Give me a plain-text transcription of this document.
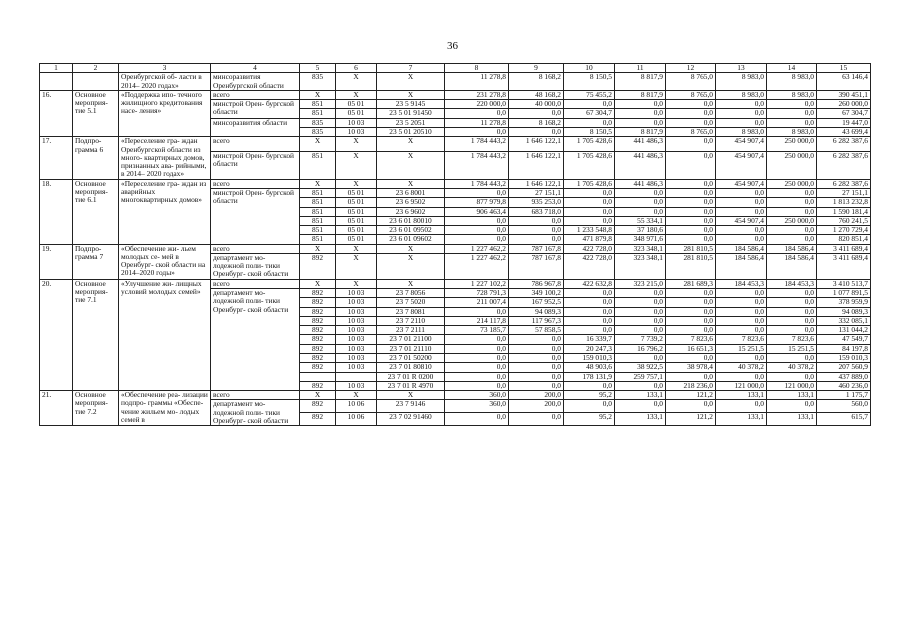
36
1	2	3	4	5	6	7	8	9	10	11	12	13	14	15
		Оренбургской об- ласти в 2014– 2020 годах»	минсоразвития Оренбургской области	835	Х	Х	11 278,8	8 168,2	8 150,5	8 817,9	8 765,0	8 983,0	8 983,0	63 146,4
16.	Основное мероприя- тие 5.1	«Поддержка ипо- течного жилищного кредитования насе- ления»	всего	Х	Х	Х	231 278,8	48 168,2	75 455,2	8 817,9	8 765,0	8 983,0	8 983,0	390 451,1
			минстрой Орен- бургской области	851	05 01	23 5 9145	220 000,0	40 000,0	0,0	0,0	0,0	0,0	0,0	260 000,0
				851	05 01	23 5 01 91450	0,0	0,0	67 304,7	0,0	0,0	0,0	0,0	67 304,7
			минсоразвития области	835	10 03	23 5 2051	11 278,8	8 168,2	0,0	0,0	0,0	0,0	0,0	19 447,0
				835	10 03	23 5 01 20510	0,0	0,0	8 150,5	8 817,9	8 765,0	8 983,0	8 983,0	43 699,4
17.	Подпро- грамма 6	«Переселение гра- ждан Оренбургской области из много- квартирных домов, признанных ава- рийными, в 2014– 2020 годах»	всего	Х	Х	Х	1 784 443,2	1 646 122,1	1 705 428,6	441 486,3	0,0	454 907,4	250 000,0	6 282 387,6
			минстрой Орен- бургской области	851	Х	Х	1 784 443,2	1 646 122,1	1 705 428,6	441 486,3	0,0	454 907,4	250 000,0	6 282 387,6
18.	Основное мероприя- тие 6.1	«Переселение гра- ждан из аварийных многоквартирных домов»	всего	Х	Х	Х	1 784 443,2	1 646 122,1	1 705 428,6	441 486,3	0,0	454 907,4	250 000,0	6 282 387,6
			минстрой Орен- бургской области	851	05 01	23 6 8001	0,0	27 151,1	0,0	0,0	0,0	0,0	0,0	27 151,1
				851	05 01	23 6 9502	877 979,8	935 253,0	0,0	0,0	0,0	0,0	0,0	1 813 232,8
				851	05 01	23 6 9602	906 463,4	683 718,0	0,0	0,0	0,0	0,0	0,0	1 590 181,4
				851	05 01	23 6 01 80010	0,0	0,0	0,0	55 334,1	0,0	454 907,4	250 000,0	760 241,5
				851	05 01	23 6 01 09502	0,0	0,0	1 233 548,8	37 180,6	0,0	0,0	0,0	1 270 729,4
				851	05 01	23 6 01 09602	0,0	0,0	471 879,8	348 971,6	0,0	0,0	0,0	820 851,4
19.	Подпро- грамма 7	«Обеспечение жи- льем молодых се- мей в Оренбург- ской области на 2014–2020 годы»	всего	Х	Х	Х	1 227 462,2	787 167,8	422 728,0	323 348,1	281 810,5	184 586,4	184 586,4	3 411 689,4
			департамент мо- лодежной поли- тики Оренбург- ской области	892	Х	Х	1 227 462,2	787 167,8	422 728,0	323 348,1	281 810,5	184 586,4	184 586,4	3 411 689,4
20.	Основное мероприя- тие 7.1	«Улучшение жи- лищных условий молодых семей»	всего	Х	Х	Х	1 227 102,2	786 967,8	422 632,8	323 215,0	281 689,3	184 453,3	184 453,3	3 410 513,7
			департамент мо- лодежной поли- тики Оренбург- ской области	892	10 03	23 7 8056	728 791,3	349 100,2	0,0	0,0	0,0	0,0	0,0	1 077 891,5
				892	10 03	23 7 5020	211 007,4	167 952,5	0,0	0,0	0,0	0,0	0,0	378 959,9
				892	10 03	23 7 8081	0,0	94 089,3	0,0	0,0	0,0	0,0	0,0	94 089,3
				892	10 03	23 7 2110	214 117,8	117 967,3	0,0	0,0	0,0	0,0	0,0	332 085,1
				892	10 03	23 7 2111	73 185,7	57 858,5	0,0	0,0	0,0	0,0	0,0	131 044,2
				892	10 03	23 7 01 21100	0,0	0,0	16 339,7	7 739,2	7 823,6	7 823,6	7 823,6	47 549,7
				892	10 03	23 7 01 21110	0,0	0,0	20 247,3	16 796,2	16 651,3	15 251,5	15 251,5	84 197,8
				892	10 03	23 7 01 50200	0,0	0,0	159 010,3	0,0	0,0	0,0	0,0	159 010,3
				892	10 03	23 7 01 80810	0,0	0,0	48 903,6	38 922,5	38 978,4	40 378,2	40 378,2	207 560,9
						23 7 01 R 0200	0,0	0,0	178 131,9	259 757,1	0,0	0,0	0,0	437 889,0
				892	10 03	23 7 01 R 4970	0,0	0,0	0,0	0,0	218 236,0	121 000,0	121 000,0	460 236,0
21.	Основное мероприя- тие 7.2	«Обеспечение реа- лизации подпро- граммы «Обеспе- чение жильем мо- лодых семей в	всего	Х	Х	Х	360,0	200,0	95,2	133,1	121,2	133,1	133,1	1 175,7
			департамент мо- лодежной поли- тики Оренбург- ской области	892	10 06	23 7 9146	360,0	200,0	0,0	0,0	0,0	0,0	0,0	560,0
				892	10 06	23 7 02 91460	0,0	0,0	95,2	133,1	121,2	133,1	133,1	615,7
